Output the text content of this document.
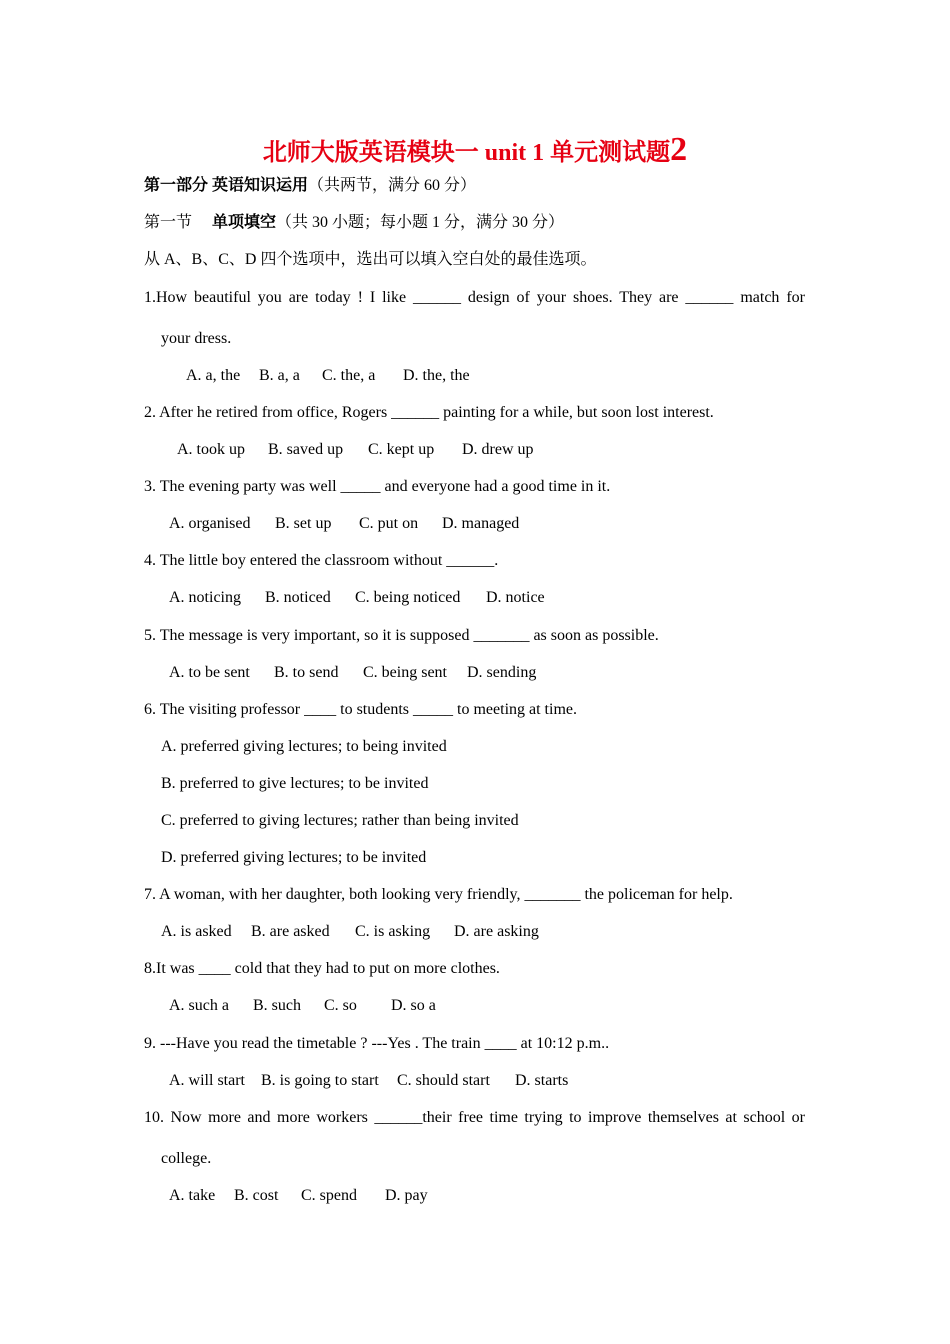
北师大版英语模块一 unit 1 单元测试题2
第一部分 英语知识运用（共两节，满分 60 分）
第一节 单项填空（共 30 小题；每小题 1 分，满分 30 分）
从 A、B、C、D 四个选项中，选出可以填入空白处的最佳选项。
1.How beautiful you are today ! I like ______ design of your shoes. They are ______ match for
your dress.
A. a, the B. a, a C. the, a D. the, the
2. After he retired from office, Rogers ______ painting for a while, but soon lost interest.
A. took up B. saved up C. kept up D. drew up
3. The evening party was well _____ and everyone had a good time in it.
A. organised B. set up C. put on D. managed
4. The little boy entered the classroom without ______.
A. noticing B. noticed C. being noticed D. notice
5. The message is very important, so it is supposed _______ as soon as possible.
A. to be sent B. to send C. being sent D. sending
6. The visiting professor ____ to students _____ to meeting at time.
A. preferred giving lectures; to being invited
B. preferred to give lectures; to be invited
C. preferred to giving lectures; rather than being invited
D. preferred giving lectures; to be invited
7. A woman, with her daughter, both looking very friendly, _______ the policeman for help.
A. is asked B. are asked C. is asking D. are asking
8.It was ____ cold that they had to put on more clothes.
A. such a B. such C. so D. so a
9. ---Have you read the timetable ? ---Yes . The train ____ at 10:12 p.m..
A. will start B. is going to start C. should start D. starts
10. Now more and more workers ______their free time trying to improve themselves at school or
college.
A. take B. cost C. spend D. pay
